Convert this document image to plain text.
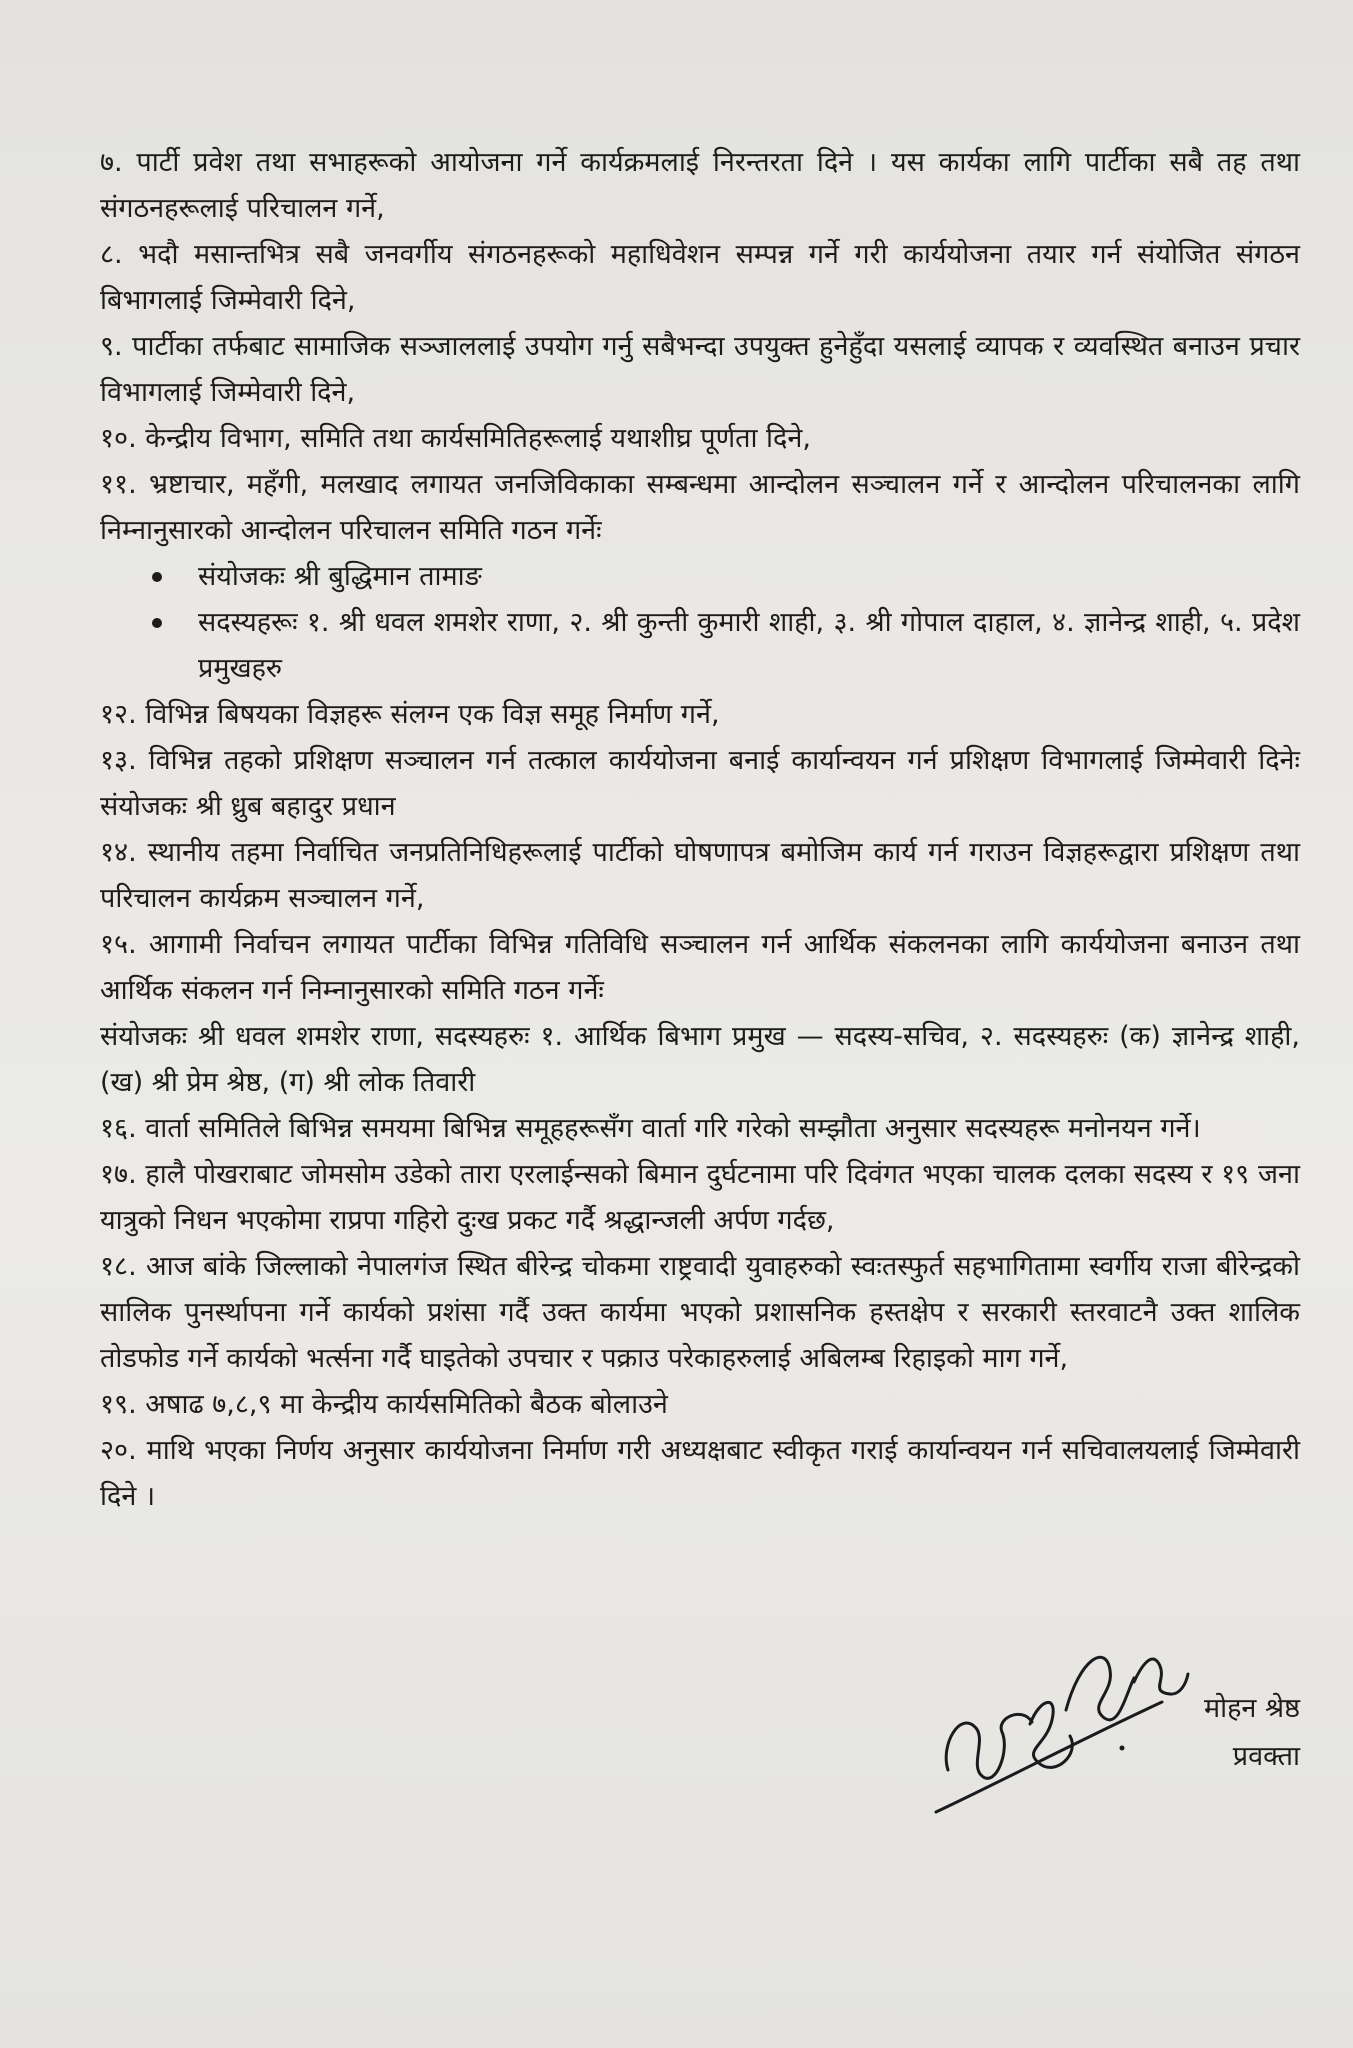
७. पार्टी प्रवेश तथा सभाहरूको आयोजना गर्ने कार्यक्रमलाई निरन्तरता दिने । यस कार्यका लागि पार्टीका सबै तह तथा संगठनहरूलाई परिचालन गर्ने,

८. भदौ मसान्तभित्र सबै जनवर्गीय संगठनहरूको महाधिवेशन सम्पन्न गर्ने गरी कार्ययोजना तयार गर्न संयोजित संगठन बिभागलाई जिम्मेवारी दिने,

९. पार्टीका तर्फबाट सामाजिक सञ्जाललाई उपयोग गर्नु सबैभन्दा उपयुक्त हुनेहुँदा यसलाई व्यापक र व्यवस्थित बनाउन प्रचार विभागलाई जिम्मेवारी दिने,

१०. केन्द्रीय विभाग, समिति तथा कार्यसमितिहरूलाई यथाशीघ्र पूर्णता दिने,

११. भ्रष्टाचार, महँगी, मलखाद लगायत जनजिविकाका सम्बन्धमा आन्दोलन सञ्चालन गर्ने र आन्दोलन परिचालनका लागि निम्नानुसारको आन्दोलन परिचालन समिति गठन गर्नेः

संयोजकः श्री बुद्धिमान तामाङ
सदस्यहरूः १. श्री धवल शमशेर राणा, २. श्री कुन्ती कुमारी शाही, ३. श्री गोपाल दाहाल, ४. ज्ञानेन्द्र शाही, ५. प्रदेश प्रमुखहरु

१२. विभिन्न बिषयका विज्ञहरू संलग्न एक विज्ञ समूह निर्माण गर्ने,

१३. विभिन्न तहको प्रशिक्षण सञ्चालन गर्न तत्काल कार्ययोजना बनाई कार्यान्वयन गर्न प्रशिक्षण विभागलाई जिम्मेवारी दिनेः संयोजकः श्री ध्रुब बहादुर प्रधान

१४. स्थानीय तहमा निर्वाचित जनप्रतिनिधिहरूलाई पार्टीको घोषणापत्र बमोजिम कार्य गर्न गराउन विज्ञहरूद्वारा प्रशिक्षण तथा परिचालन कार्यक्रम सञ्चालन गर्ने,

१५. आगामी निर्वाचन लगायत पार्टीका विभिन्न गतिविधि सञ्चालन गर्न आर्थिक संकलनका लागि कार्ययोजना बनाउन तथा आर्थिक संकलन गर्न निम्नानुसारको समिति गठन गर्नेः

संयोजकः श्री धवल शमशेर राणा, सदस्यहरुः १. आर्थिक बिभाग प्रमुख — सदस्य-सचिव, २. सदस्यहरुः (क) ज्ञानेन्द्र शाही, (ख) श्री प्रेम श्रेष्ठ, (ग) श्री लोक तिवारी

१६. वार्ता समितिले बिभिन्न समयमा बिभिन्न समूहहरूसँग वार्ता गरि गरेको सम्झौता अनुसार सदस्यहरू मनोनयन गर्ने।

१७. हालै पोखराबाट जोमसोम उडेको तारा एरलाईन्सको बिमान दुर्घटनामा परि दिवंगत भएका चालक दलका सदस्य र १९ जना यात्रुको निधन भएकोमा राप्रपा गहिरो दुःख प्रकट गर्दै श्रद्धान्जली अर्पण गर्दछ,

१८. आज बांके जिल्लाको नेपालगंज स्थित बीरेन्द्र चोकमा राष्ट्रवादी युवाहरुको स्वःतस्फुर्त सहभागितामा स्वर्गीय राजा बीरेन्द्रको सालिक पुनर्स्थापना गर्ने कार्यको प्रशंसा गर्दै उक्त कार्यमा भएको प्रशासनिक हस्तक्षेप र सरकारी स्तरवाटनै उक्त शालिक तोडफोड गर्ने कार्यको भर्त्सना गर्दै घाइतेको उपचार र पक्राउ परेकाहरुलाई अबिलम्ब रिहाइको माग गर्ने,

१९. अषाढ ७,८,९ मा केन्द्रीय कार्यसमितिको बैठक बोलाउने

२०. माथि भएका निर्णय अनुसार कार्ययोजना निर्माण गरी अध्यक्षबाट स्वीकृत गराई कार्यान्वयन गर्न सचिवालयलाई जिम्मेवारी दिने ।

मोहन श्रेष्ठ
प्रवक्ता
